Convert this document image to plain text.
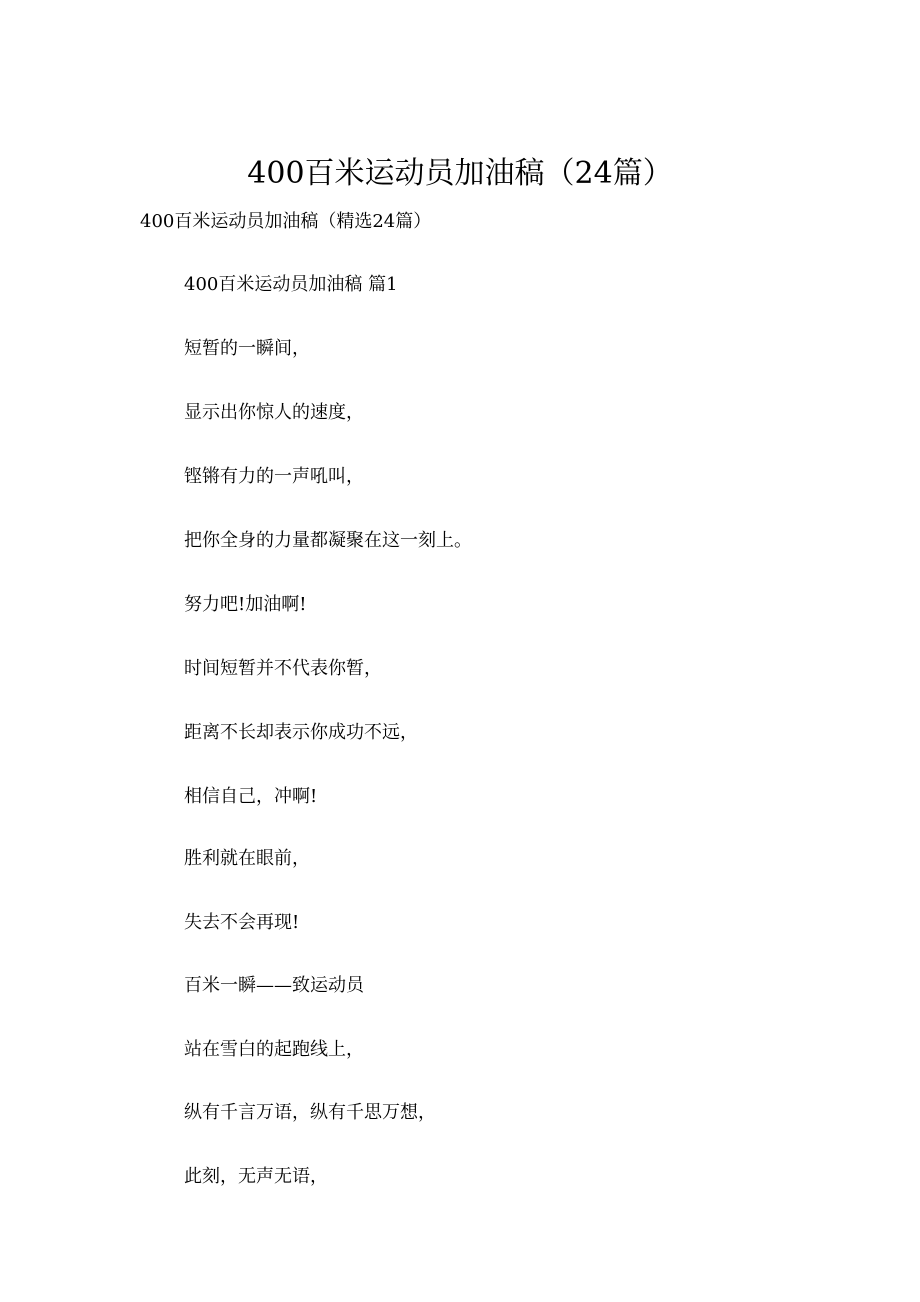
400百米运动员加油稿（24篇）
400百米运动员加油稿（精选24篇）
400百米运动员加油稿 篇1
短暂的一瞬间，
显示出你惊人的速度，
铿锵有力的一声吼叫，
把你全身的力量都凝聚在这一刻上。
努力吧!加油啊!
时间短暂并不代表你暂，
距离不长却表示你成功不远，
相信自己，冲啊!
胜利就在眼前，
失去不会再现!
百米一瞬——致运动员
站在雪白的起跑线上，
纵有千言万语，纵有千思万想，
此刻，无声无语，
